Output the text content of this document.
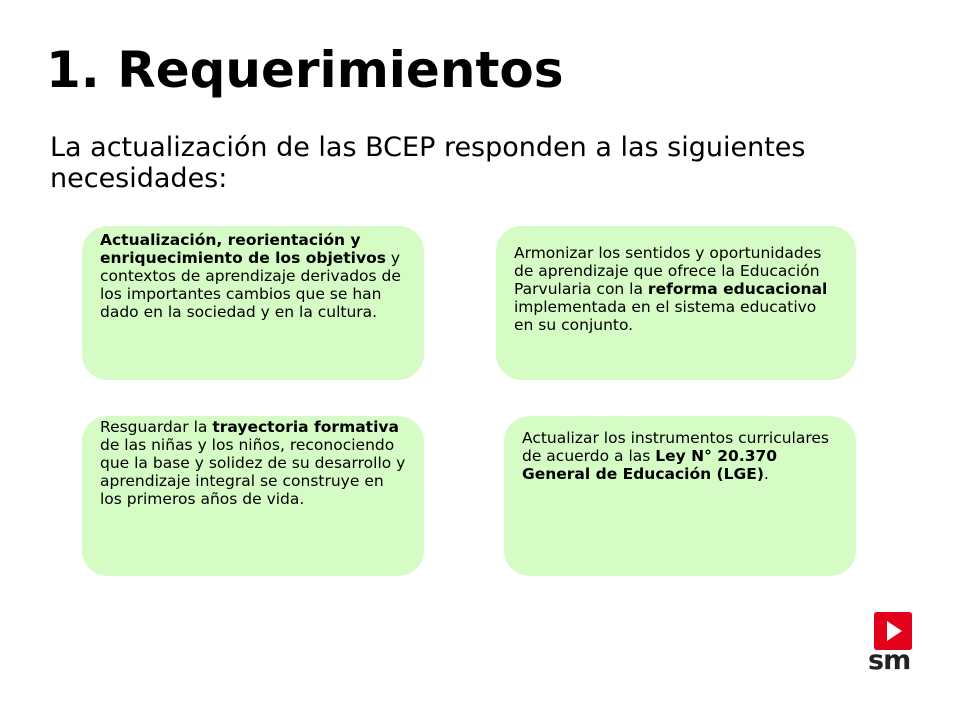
1. Requerimientos

La actualización de las BCEP responden a las siguientes necesidades:

Actualización, reorientación y enriquecimiento de los objetivos y contextos de aprendizaje derivados de los importantes cambios que se han dado en la sociedad y en la cultura.

Armonizar los sentidos y oportunidades de aprendizaje que ofrece la Educación Parvularia con la reforma educacional implementada en el sistema educativo en su conjunto.

Resguardar la trayectoria formativa de las niñas y los niños, reconociendo que la base y solidez de su desarrollo y aprendizaje integral se construye en los primeros años de vida.

Actualizar los instrumentos curriculares de acuerdo a las Ley N° 20.370 General de Educación (LGE).

sm
